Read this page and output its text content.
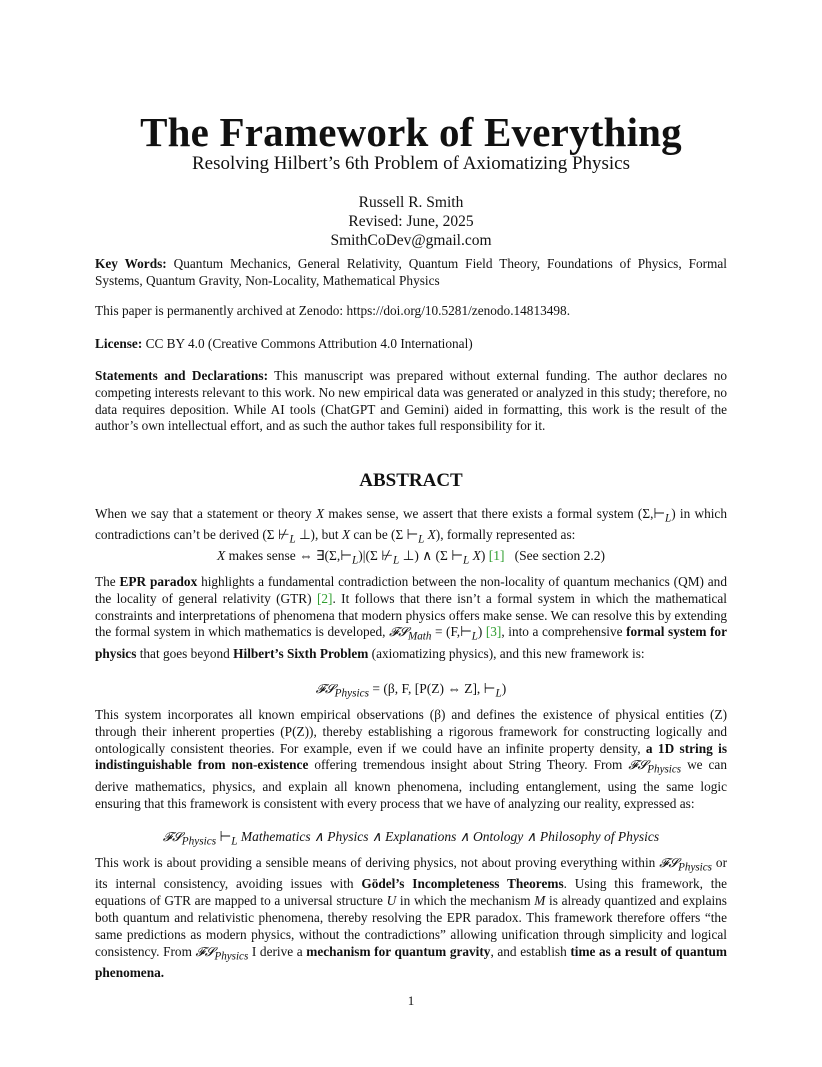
The Framework of Everything
Resolving Hilbert’s 6th Problem of Axiomatizing Physics
Russell R. Smith
Revised: June, 2025
SmithCoDev@gmail.com
Key Words: Quantum Mechanics, General Relativity, Quantum Field Theory, Foundations of Physics, Formal Systems, Quantum Gravity, Non-Locality, Mathematical Physics
This paper is permanently archived at Zenodo: https://doi.org/10.5281/zenodo.14813498.
License: CC BY 4.0 (Creative Commons Attribution 4.0 International)
Statements and Declarations: This manuscript was prepared without external funding. The author declares no competing interests relevant to this work. No new empirical data was generated or analyzed in this study; therefore, no data requires deposition. While AI tools (ChatGPT and Gemini) aided in formatting, this work is the result of the author’s own intellectual effort, and as such the author takes full responsibility for it.
ABSTRACT
When we say that a statement or theory X makes sense, we assert that there exists a formal system $(\Sigma,⊢_L)$ in which contradictions can’t be derived (Σ $⊬_L$ ⊥), but X can be (Σ $⊢_L$ X), formally represented as:
X makes sense ⇔ $\exists(\Sigma,⊢_L)|(\Sigma$ $⊬_L$ ⊥) ∧ (Σ $⊢_L$ X) [1] (See section 2.2)
The EPR paradox highlights a fundamental contradiction between the non-locality of quantum mechanics (QM) and the locality of general relativity (GTR) [2]. It follows that there isn’t a formal system in which the mathematical constraints and interpretations of phenomena that modern physics offers make sense. We can resolve this by extending the formal system in which mathematics is developed, 𝓕𝓢$_{Math}$ = $(F,⊢_L)$ [3], into a comprehensive formal system for physics that goes beyond Hilbert’s Sixth Problem (axiomatizing physics), and this new framework is:
𝓕𝓢$_{Physics}$ = (β, F, [P(Z) ⇔ Z], $⊢_L$)
This system incorporates all known empirical observations (β) and defines the existence of physical entities (Z) through their inherent properties (P(Z)), thereby establishing a rigorous framework for constructing logically and ontologically consistent theories. For example, even if we could have an infinite property density, a 1D string is indistinguishable from non-existence offering tremendous insight about String Theory. From 𝓕𝓢$_{Physics}$ we can derive mathematics, physics, and explain all known phenomena, including entanglement, using the same logic ensuring that this framework is consistent with every process that we have of analyzing our reality, expressed as:
𝓕𝓢$_{Physics}$ $⊢_L$ Mathematics ∧ Physics ∧ Explanations ∧ Ontology ∧ Philosophy of Physics
This work is about providing a sensible means of deriving physics, not about proving everything within 𝓕𝓢$_{Physics}$ or its internal consistency, avoiding issues with Gödel’s Incompleteness Theorems. Using this framework, the equations of GTR are mapped to a universal structure U in which the mechanism M is already quantized and explains both quantum and relativistic phenomena, thereby resolving the EPR paradox. This framework therefore offers “the same predictions as modern physics, without the contradictions” allowing unification through simplicity and logical consistency. From 𝓕𝓢$_{Physics}$ I derive a mechanism for quantum gravity, and establish time as a result of quantum phenomena.
1
